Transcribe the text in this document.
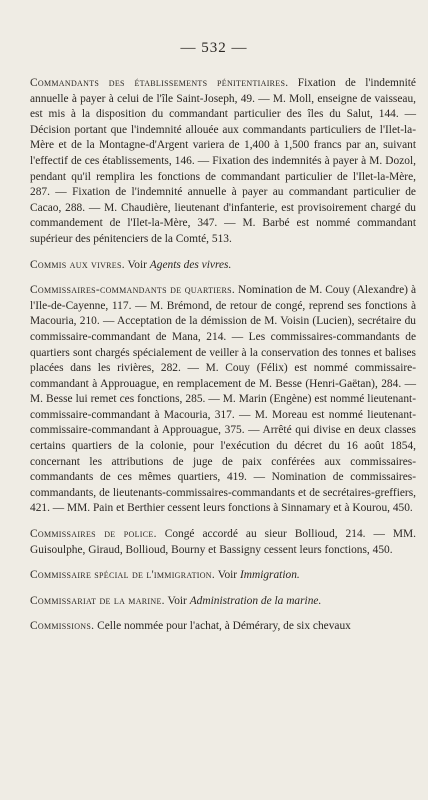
— 532 —

Commandants des établissements pénitentiaires. Fixation de l'indemnité annuelle à payer à celui de l'île Saint-Joseph, 49. — M. Moll, enseigne de vaisseau, est mis à la disposition du commandant particulier des îles du Salut, 144. — Décision portant que l'indemnité allouée aux commandants particuliers de l'Ilet-la-Mère et de la Montagne-d'Argent variera de 1,400 à 1,500 francs par an, suivant l'effectif de ces établissements, 146. — Fixation des indemnités à payer à M. Dozol, pendant qu'il remplira les fonctions de commandant particulier de l'Ilet-la-Mère, 287. — Fixation de l'indemnité annuelle à payer au commandant particulier de Cacao, 288. — M. Chaudière, lieutenant d'infanterie, est provisoirement chargé du commandement de l'Ilet-la-Mère, 347. — M. Barbé est nommé commandant supérieur des pénitenciers de la Comté, 513.

Commis aux vivres. Voir Agents des vivres.

Commissaires-commandants de quartiers. Nomination de M. Couy (Alexandre) à l'Ile-de-Cayenne, 117. — M. Brémond, de retour de congé, reprend ses fonctions à Macouria, 210. — Acceptation de la démission de M. Voisin (Lucien), secrétaire du commissaire-commandant de Mana, 214. — Les commissaires-commandants de quartiers sont chargés spécialement de veiller à la conservation des tonnes et balises placées dans les rivières, 282. — M. Couy (Félix) est nommé commissaire-commandant à Approuague, en remplacement de M. Besse (Henri-Gaëtan), 284. — M. Besse lui remet ces fonctions, 285. — M. Marin (Engène) est nommé lieutenant-commissaire-commandant à Macouria, 317. — M. Moreau est nommé lieutenant-commissaire-commandant à Approuague, 375. — Arrêté qui divise en deux classes certains quartiers de la colonie, pour l'exécution du décret du 16 août 1854, concernant les attributions de juge de paix conférées aux commissaires-commandants de ces mêmes quartiers, 419. — Nomination de commissaires-commandants, de lieutenants-commissaires-commandants et de secrétaires-greffiers, 421. — MM. Pain et Berthier cessent leurs fonctions à Sinnamary et à Kourou, 450.

Commissaires de police. Congé accordé au sieur Bollioud, 214. — MM. Guisoulphe, Giraud, Bollioud, Bourny et Bassigny cessent leurs fonctions, 450.

Commissaire spécial de l'immigration. Voir Immigration.

Commissariat de la marine. Voir Administration de la marine.

Commissions. Celle nommée pour l'achat, à Démérary, de six chevaux
